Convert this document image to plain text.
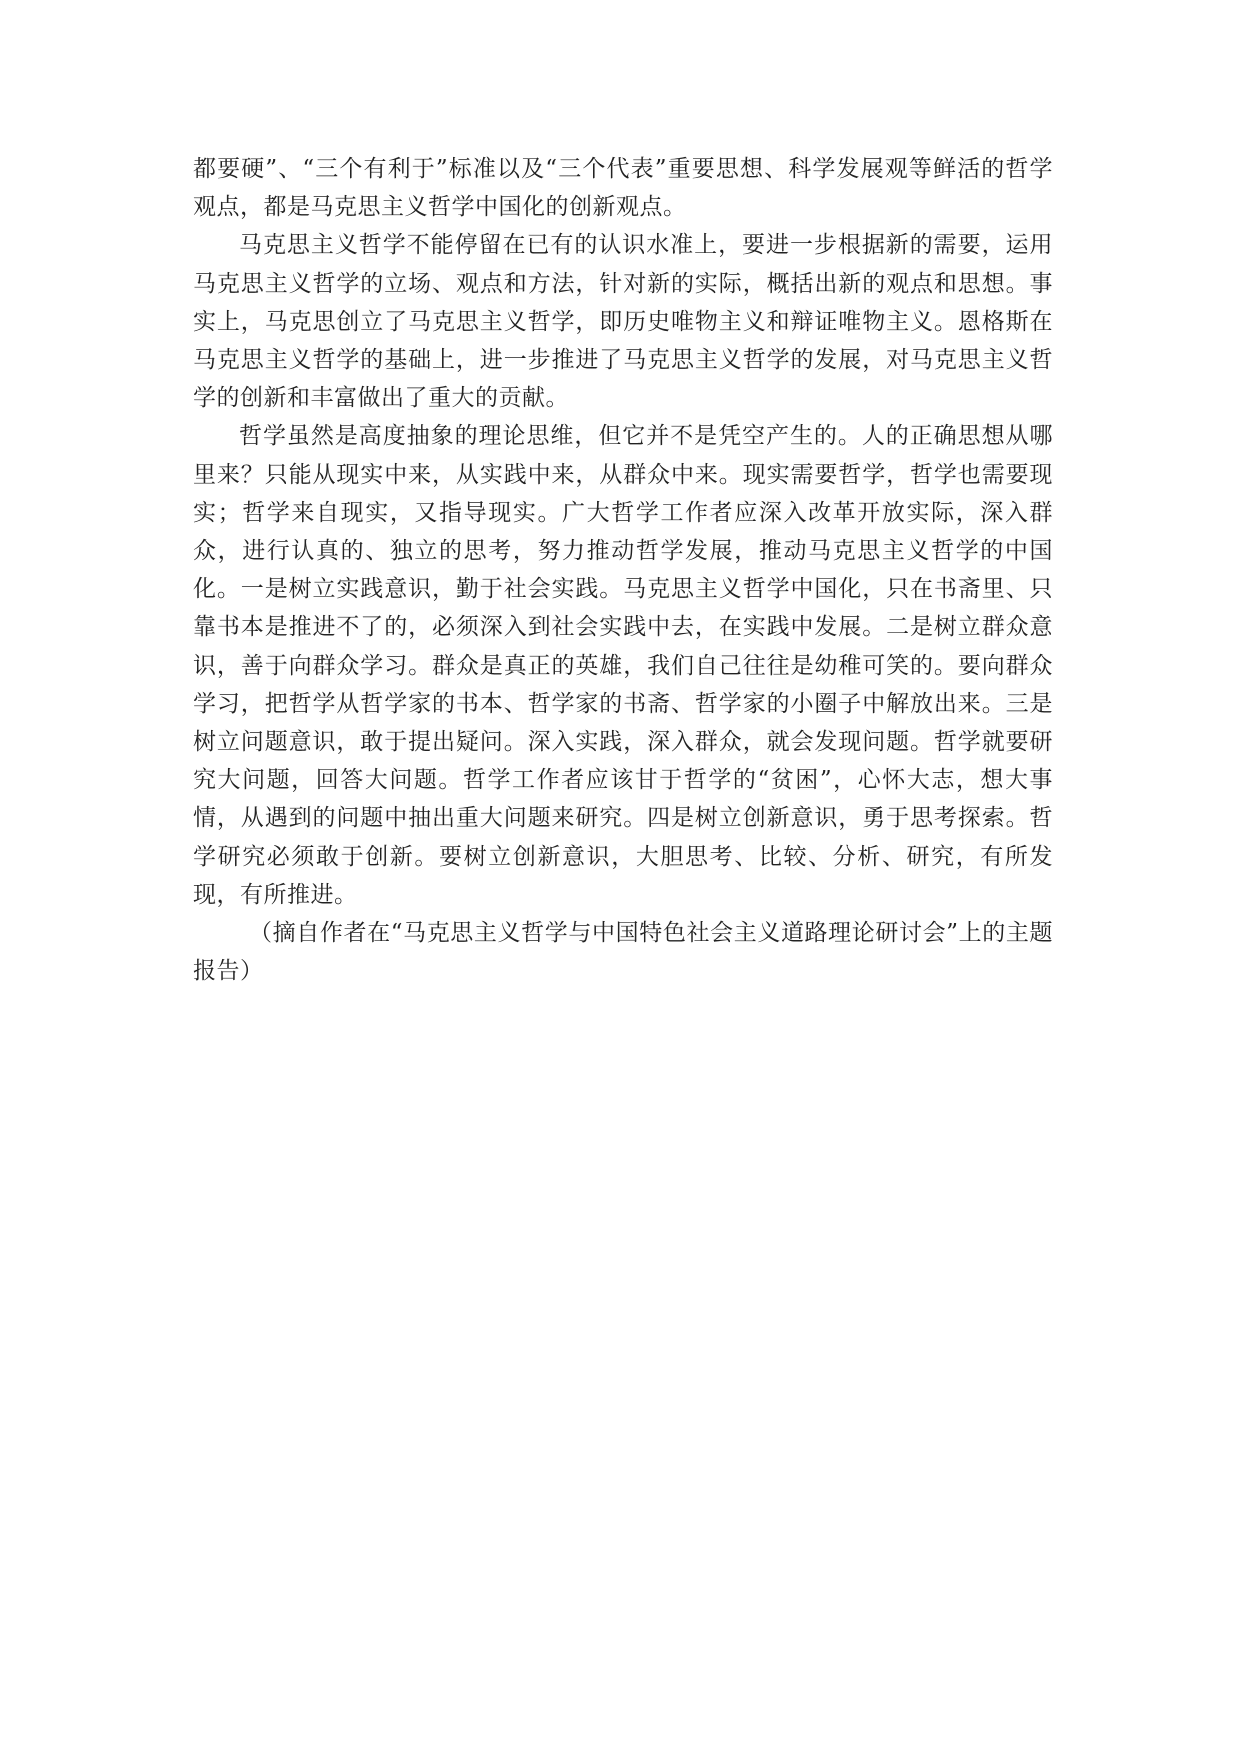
都要硬”、“三个有利于”标准以及“三个代表”重要思想、科学发展观等鲜活的哲学观点，都是马克思主义哲学中国化的创新观点。

马克思主义哲学不能停留在已有的认识水准上，要进一步根据新的需要，运用马克思主义哲学的立场、观点和方法，针对新的实际，概括出新的观点和思想。事实上，马克思创立了马克思主义哲学，即历史唯物主义和辩证唯物主义。恩格斯在马克思主义哲学的基础上，进一步推进了马克思主义哲学的发展，对马克思主义哲学的创新和丰富做出了重大的贡献。

哲学虽然是高度抽象的理论思维，但它并不是凭空产生的。人的正确思想从哪里来？只能从现实中来，从实践中来，从群众中来。现实需要哲学，哲学也需要现实；哲学来自现实，又指导现实。广大哲学工作者应深入改革开放实际，深入群众，进行认真的、独立的思考，努力推动哲学发展，推动马克思主义哲学的中国化。一是树立实践意识，勤于社会实践。马克思主义哲学中国化，只在书斋里、只靠书本是推进不了的，必须深入到社会实践中去，在实践中发展。二是树立群众意识，善于向群众学习。群众是真正的英雄，我们自己往往是幼稚可笑的。要向群众学习，把哲学从哲学家的书本、哲学家的书斋、哲学家的小圈子中解放出来。三是树立问题意识，敢于提出疑问。深入实践，深入群众，就会发现问题。哲学就要研究大问题，回答大问题。哲学工作者应该甘于哲学的“贫困”，心怀大志，想大事情，从遇到的问题中抽出重大问题来研究。四是树立创新意识，勇于思考探索。哲学研究必须敢于创新。要树立创新意识，大胆思考、比较、分析、研究，有所发现，有所推进。

（摘自作者在“马克思主义哲学与中国特色社会主义道路理论研讨会”上的主题报告）
